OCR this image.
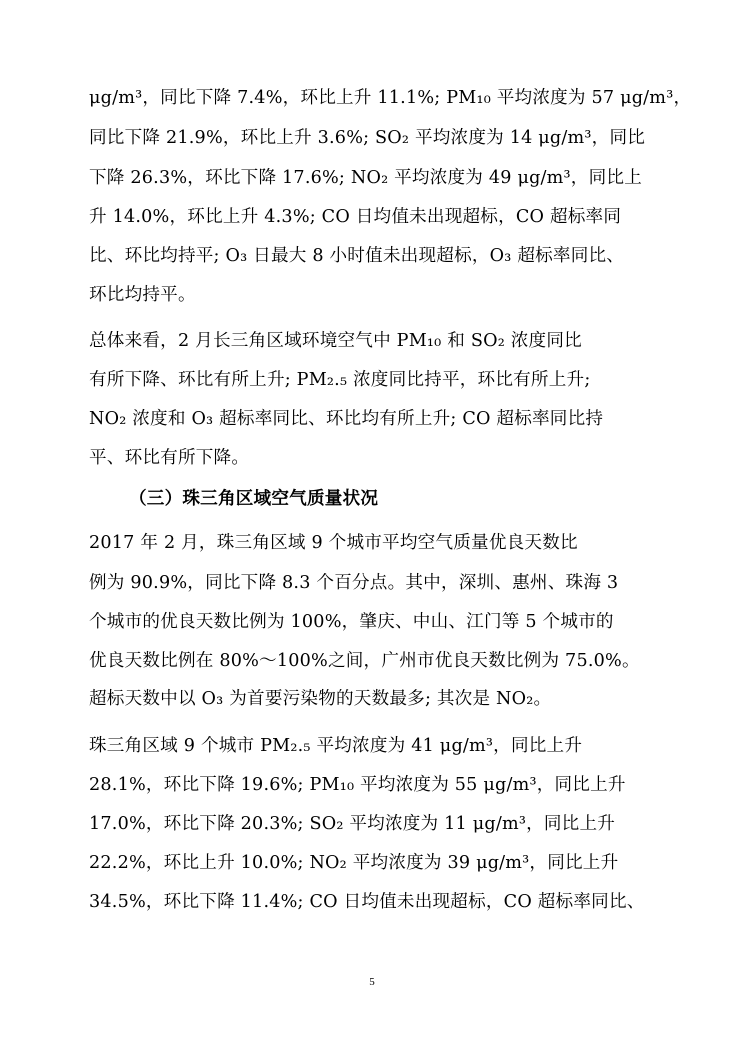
μg/m³，同比下降 7.4%，环比上升 11.1%; PM₁₀ 平均浓度为 57 μg/m³，
同比下降 21.9%，环比上升 3.6%; SO₂ 平均浓度为 14 μg/m³，同比
下降 26.3%，环比下降 17.6%; NO₂ 平均浓度为 49 μg/m³，同比上
升 14.0%，环比上升 4.3%; CO 日均值未出现超标，CO 超标率同
比、环比均持平; O₃ 日最大 8 小时值未出现超标，O₃ 超标率同比、
环比均持平。
总体来看，2 月长三角区域环境空气中 PM₁₀ 和 SO₂ 浓度同比
有所下降、环比有所上升; PM₂.₅ 浓度同比持平，环比有所上升;
NO₂ 浓度和 O₃ 超标率同比、环比均有所上升; CO 超标率同比持
平、环比有所下降。
（三）珠三角区域空气质量状况
2017 年 2 月，珠三角区域 9 个城市平均空气质量优良天数比
例为 90.9%，同比下降 8.3 个百分点。其中，深圳、惠州、珠海 3
个城市的优良天数比例为 100%，肇庆、中山、江门等 5 个城市的
优良天数比例在 80%～100%之间，广州市优良天数比例为 75.0%。
超标天数中以 O₃ 为首要污染物的天数最多; 其次是 NO₂。
珠三角区域 9 个城市 PM₂.₅ 平均浓度为 41 μg/m³，同比上升
28.1%，环比下降 19.6%; PM₁₀ 平均浓度为 55 μg/m³，同比上升
17.0%，环比下降 20.3%; SO₂ 平均浓度为 11 μg/m³，同比上升
22.2%，环比上升 10.0%; NO₂ 平均浓度为 39 μg/m³，同比上升
34.5%，环比下降 11.4%; CO 日均值未出现超标，CO 超标率同比、
5
